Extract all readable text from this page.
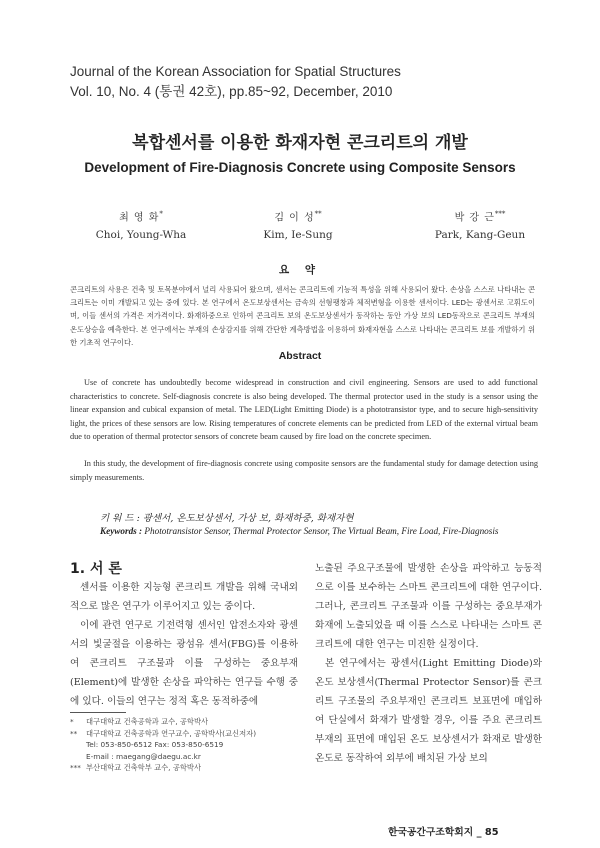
Journal of the Korean Association for Spatial Structures
Vol. 10, No. 4 (통권 42호), pp.85~92, December, 2010
복합센서를 이용한 화재자현 콘크리트의 개발
Development of Fire-Diagnosis Concrete using Composite Sensors
최 영 화*
Choi, Young-Wha
김 이 성**
Kim, Ie-Sung
박 강 근***
Park, Kang-Geun
요 약
콘크리트의 사용은 건축 및 토목분야에서 널리 사용되어 왔으며, 센서는 콘크리트에 기능적 특성을 위해 사용되어 왔다. 손상을 스스로 나타내는 콘크리트는 이미 개발되고 있는 중에 있다. 본 연구에서 온도보상센서는 금속의 선형팽창과 체적변형을 이용한 센서이다. LED는 광센서로 고휘도이며, 이들 센서의 가격은 저가격이다. 화재하중으로 인하여 콘크리트 보의 온도보상센서가 동작하는 동안 가상 보의 LED동작으로 콘크리트 부재의 온도상승을 예측한다. 본 연구에서는 부재의 손상감지를 위해 간단한 계측방법을 이용하여 화재자현을 스스로 나타내는 콘크리트 보를 개발하기 위한 기초적 연구이다.
Abstract
Use of concrete has undoubtedly become widespread in construction and civil engineering. Sensors are used to add functional characteristics to concrete. Self-diagnosis concrete is also being developed. The thermal protector used in the study is a sensor using the linear expansion and cubical expansion of metal. The LED(Light Emitting Diode) is a phototransistor type, and to secure high-sensitivity light, the prices of these sensors are low. Rising temperatures of concrete elements can be predicted from LED of the external virtual beam due to operation of thermal protector sensors of concrete beam caused by fire load on the concrete specimen.
In this study, the development of fire-diagnosis concrete using composite sensors are the fundamental study for damage detection using simply measurements.
키 워 드 : 광센서, 온도보상센서, 가상 보, 화재하중, 화재자현
Keywords : Phototransistor Sensor, Thermal Protector Sensor, The Virtual Beam, Fire Load, Fire-Diagnosis
1. 서 론

센서를 이용한 지능형 콘크리트 개발을 위해 국내외적으로 많은 연구가 이루어지고 있는 중이다.

이에 관련 연구로 기전력형 센서인 압전소자와 광센서의 빛굴절을 이용하는 광섬유 센서(FBG)를 이용하여 콘크리트 구조물과 이를 구성하는 중요부재(Element)에 발생한 손상을 파악하는 연구들 수행 중에 있다. 이들의 연구는 정적 혹은 동적하중에

노출된 주요구조물에 발생한 손상을 파악하고 능동적으로 이를 보수하는 스마트 콘크리트에 대한 연구이다. 그러나, 콘크리트 구조물과 이를 구성하는 중요부재가 화재에 노출되었을 때 이를 스스로 나타내는 스마트 콘크리트에 대한 연구는 미진한 실정이다.

본 연구에서는 광센서(Light Emitting Diode)와 온도 보상센서(Thermal Protector Sensor)를 콘크리트 구조물의 주요부재인 콘크리트 보표면에 매입하여 단실에서 화재가 발생할 경우, 이를 주요 콘크리트 부재의 표면에 매입된 온도 보상센서가 화재로 발생한 온도로 동작하여 외부에 배치된 가상 보의

* 대구대학교 건축공학과 교수, 공학박사
** 대구대학교 건축공학과 연구교수, 공학박사(교신저자)
Tel: 053-850-6512 Fax: 053-850-6519
E-mail : maegang@daegu.ac.kr
*** 부산대학교 건축학부 교수, 공학박사
한국공간구조학회지 _ 85
